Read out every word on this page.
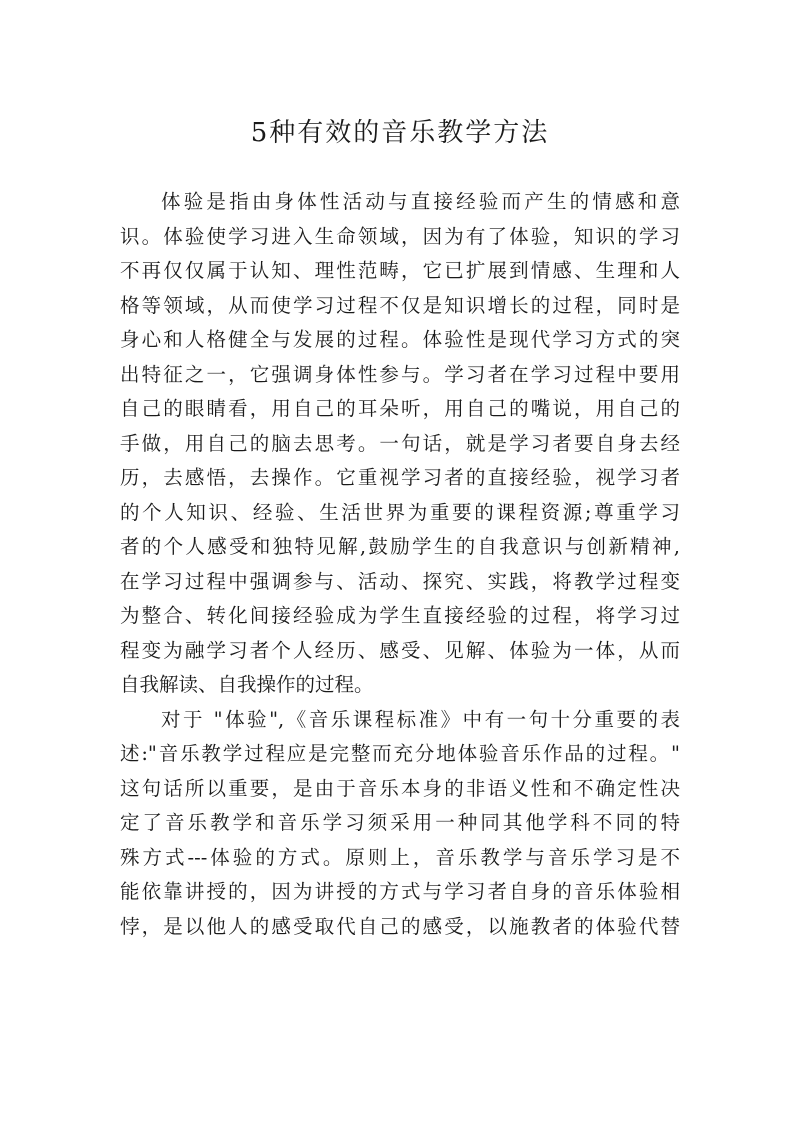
5种有效的音乐教学方法
体验是指由身体性活动与直接经验而产生的情感和意
识。体验使学习进入生命领域，因为有了体验，知识的学习
不再仅仅属于认知、理性范畴，它已扩展到情感、生理和人
格等领域，从而使学习过程不仅是知识增长的过程，同时是
身心和人格健全与发展的过程。体验性是现代学习方式的突
出特征之一，它强调身体性参与。学习者在学习过程中要用
自己的眼睛看，用自己的耳朵听，用自己的嘴说，用自己的
手做，用自己的脑去思考。一句话，就是学习者要自身去经
历，去感悟，去操作。它重视学习者的直接经验，视学习者
的个人知识、经验、生活世界为重要的课程资源;尊重学习
者的个人感受和独特见解,鼓励学生的自我意识与创新精神,
在学习过程中强调参与、活动、探究、实践，将教学过程变
为整合、转化间接经验成为学生直接经验的过程，将学习过
程变为融学习者个人经历、感受、见解、体验为一体，从而
自我解读、自我操作的过程。
对于 "体验",《音乐课程标准》中有一句十分重要的表
述:"音乐教学过程应是完整而充分地体验音乐作品的过程。"
这句话所以重要，是由于音乐本身的非语义性和不确定性决
定了音乐教学和音乐学习须采用一种同其他学科不同的特
殊方式---体验的方式。原则上，音乐教学与音乐学习是不
能依靠讲授的，因为讲授的方式与学习者自身的音乐体验相
悖，是以他人的感受取代自己的感受，以施教者的体验代替
